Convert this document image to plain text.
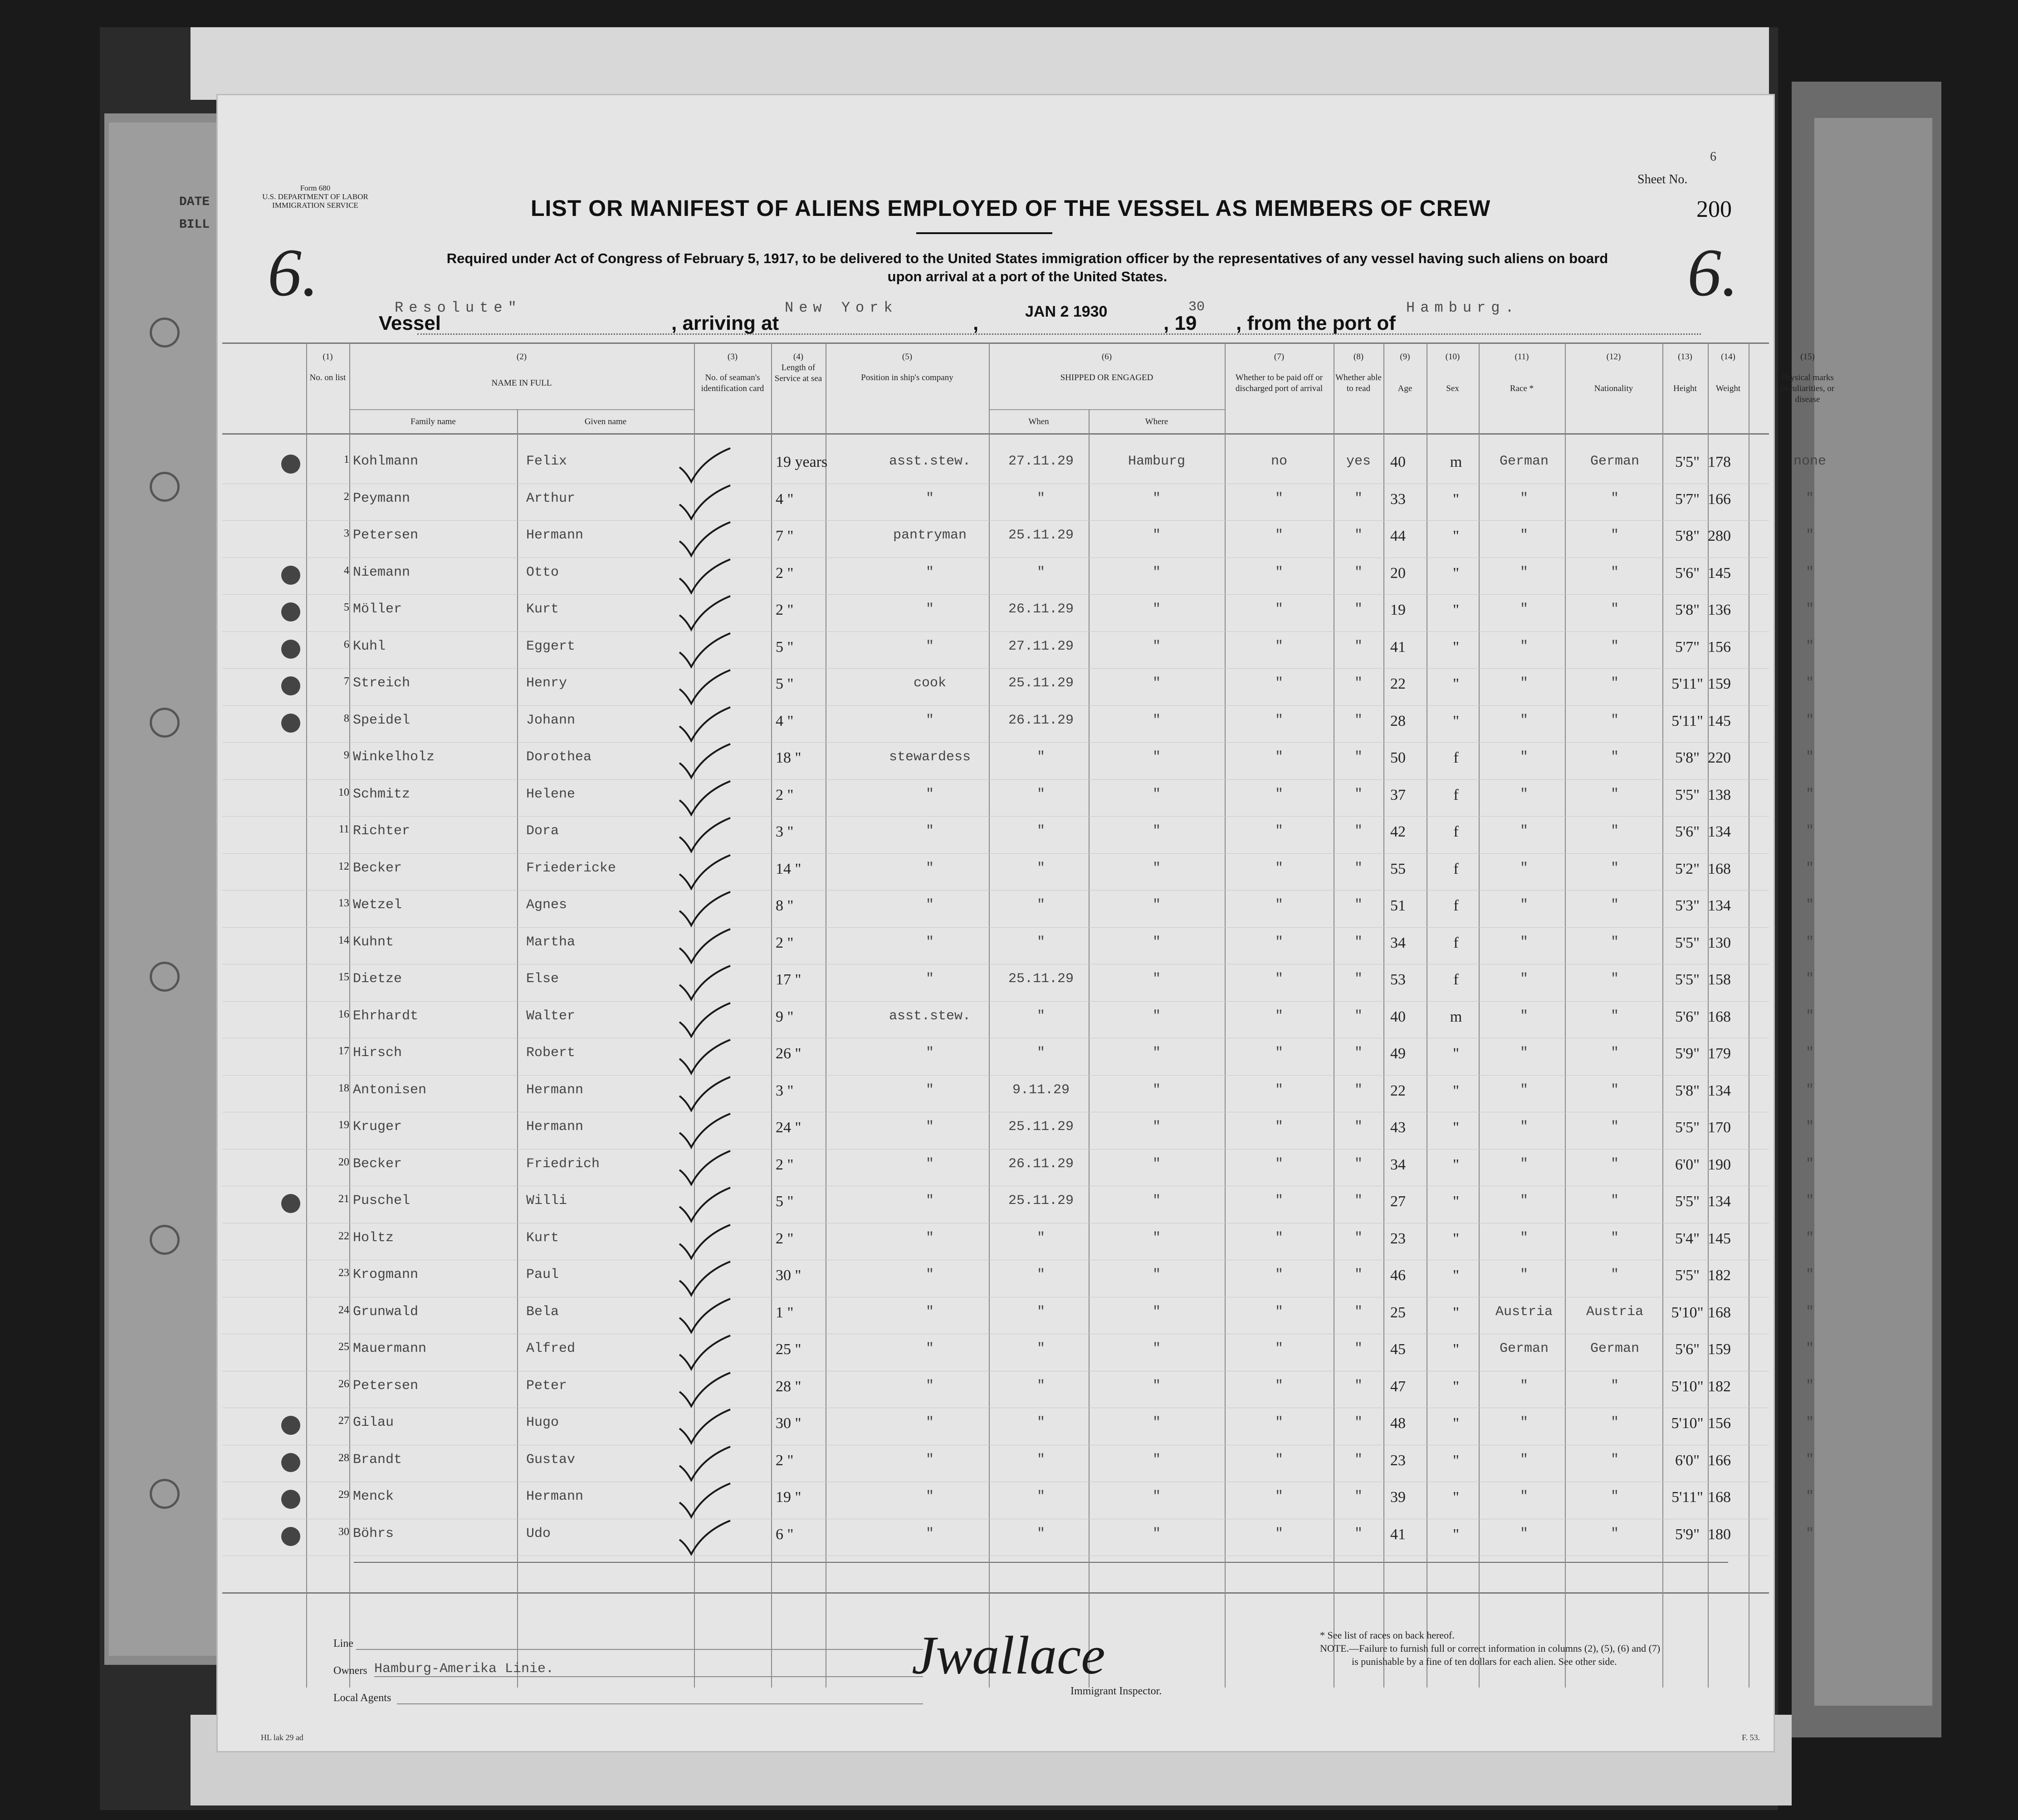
DATE
BILL
Form 680
U.S. DEPARTMENT OF LABOR
IMMIGRATION SERVICE
Sheet No.
6
200
LIST OR MANIFEST OF ALIENS EMPLOYED OF THE VESSEL AS MEMBERS OF CREW
Required under Act of Congress of February 5, 1917, to be delivered to the United States immigration officer by the representatives of any vessel having such aliens on board
upon arrival at a port of the United States.
6.	6.
Vessel
Resolute"
, arriving at
New York
,
JAN 2 1930	30
, 19 , from the port of
Hamburg.
(1)
No. on list
(2)
NAME IN FULL
Family name	Given name
(3)
No. of seaman's identification card
(4)
Length of Service at sea
(5)
Position in ship's company
(6)
SHIPPED OR ENGAGED
When	Where
(7)
Whether to be paid off or discharged port of arrival
(8)
Whether able to read
(9)
Age
(10)
Sex
(11)
Race *
(12)
Nationality
(13)
Height
(14)
Weight
(15)
Physical marks peculiarities, or disease
1 Kohlmann	Felix	19 years	asst.stew.	27.11.29	Hamburg	no	yes	40	m	German	German	5'5" 178	none
2 Peymann	Arthur	4 "	"	"	"	"	"	33	"	"	"	5'7" 166	"
3 Petersen	Hermann	7 "	pantryman	25.11.29	"	"	"	44	"	"	"	5'8" 280	"
4 Niemann	Otto	2 "	"	"	"	"	"	20	"	"	"	5'6" 145	"
5 Möller	Kurt	2 "	"	26.11.29	"	"	"	19	"	"	"	5'8" 136	"
6 Kuhl	Eggert	5 "	"	27.11.29	"	"	"	41	"	"	"	5'7" 156	"
7 Streich	Henry	5 "	cook	25.11.29	"	"	"	22	"	"	"	5'11" 159	"
8 Speidel	Johann	4 "	"	26.11.29	"	"	"	28	"	"	"	5'11" 145	"
9 Winkelholz	Dorothea	18 "	stewardess	"	"	"	"	50	f	"	"	5'8" 220	"
10 Schmitz	Helene	2 "	"	"	"	"	"	37	f	"	"	5'5" 138	"
11 Richter	Dora	3 "	"	"	"	"	"	42	f	"	"	5'6" 134	"
12 Becker	Friedericke	14 "	"	"	"	"	"	55	f	"	"	5'2" 168	"
13 Wetzel	Agnes	8 "	"	"	"	"	"	51	f	"	"	5'3" 134	"
14 Kuhnt	Martha	2 "	"	"	"	"	"	34	f	"	"	5'5" 130	"
15 Dietze	Else	17 "	"	25.11.29	"	"	"	53	f	"	"	5'5" 158	"
16 Ehrhardt	Walter	9 "	asst.stew.	"	"	"	"	40	m	"	"	5'6" 168	"
17 Hirsch	Robert	26 "	"	"	"	"	"	49	"	"	"	5'9" 179	"
18 Antonisen	Hermann	3 "	"	9.11.29	"	"	"	22	"	"	"	5'8" 134	"
19 Kruger	Hermann	24 "	"	25.11.29	"	"	"	43	"	"	"	5'5" 170	"
20 Becker	Friedrich	2 "	"	26.11.29	"	"	"	34	"	"	"	6'0" 190	"
21 Puschel	Willi	5 "	"	25.11.29	"	"	"	27	"	"	"	5'5" 134	"
22 Holtz	Kurt	2 "	"	"	"	"	"	23	"	"	"	5'4" 145	"
23 Krogmann	Paul	30 "	"	"	"	"	"	46	"	"	"	5'5" 182	"
24 Grunwald	Bela	1 "	"	"	"	"	"	25	"	Austria	Austria	5'10" 168	"
25 Mauermann	Alfred	25 "	"	"	"	"	"	45	"	German	German	5'6" 159	"
26 Petersen	Peter	28 "	"	"	"	"	"	47	"	"	"	5'10" 182	"
27 Gilau	Hugo	30 "	"	"	"	"	"	48	"	"	"	5'10" 156	"
28 Brandt	Gustav	2 "	"	"	"	"	"	23	"	"	"	6'0" 166	"
29 Menck	Hermann	19 "	"	"	"	"	"	39	"	"	"	5'11" 168	"
30 Böhrs	Udo	6 "	"	"	"	"	"	41	"	"	"	5'9" 180	"
Line
Owners Hamburg-Amerika Linie.
Local Agents
Jwallace
Immigrant Inspector.
* See list of races on back hereof.
NOTE.—Failure to furnish full or correct information in columns (2), (5), (6) and (7)
is punishable by a fine of ten dollars for each alien. See other side.
HL lak 29 ad	F. 53.
